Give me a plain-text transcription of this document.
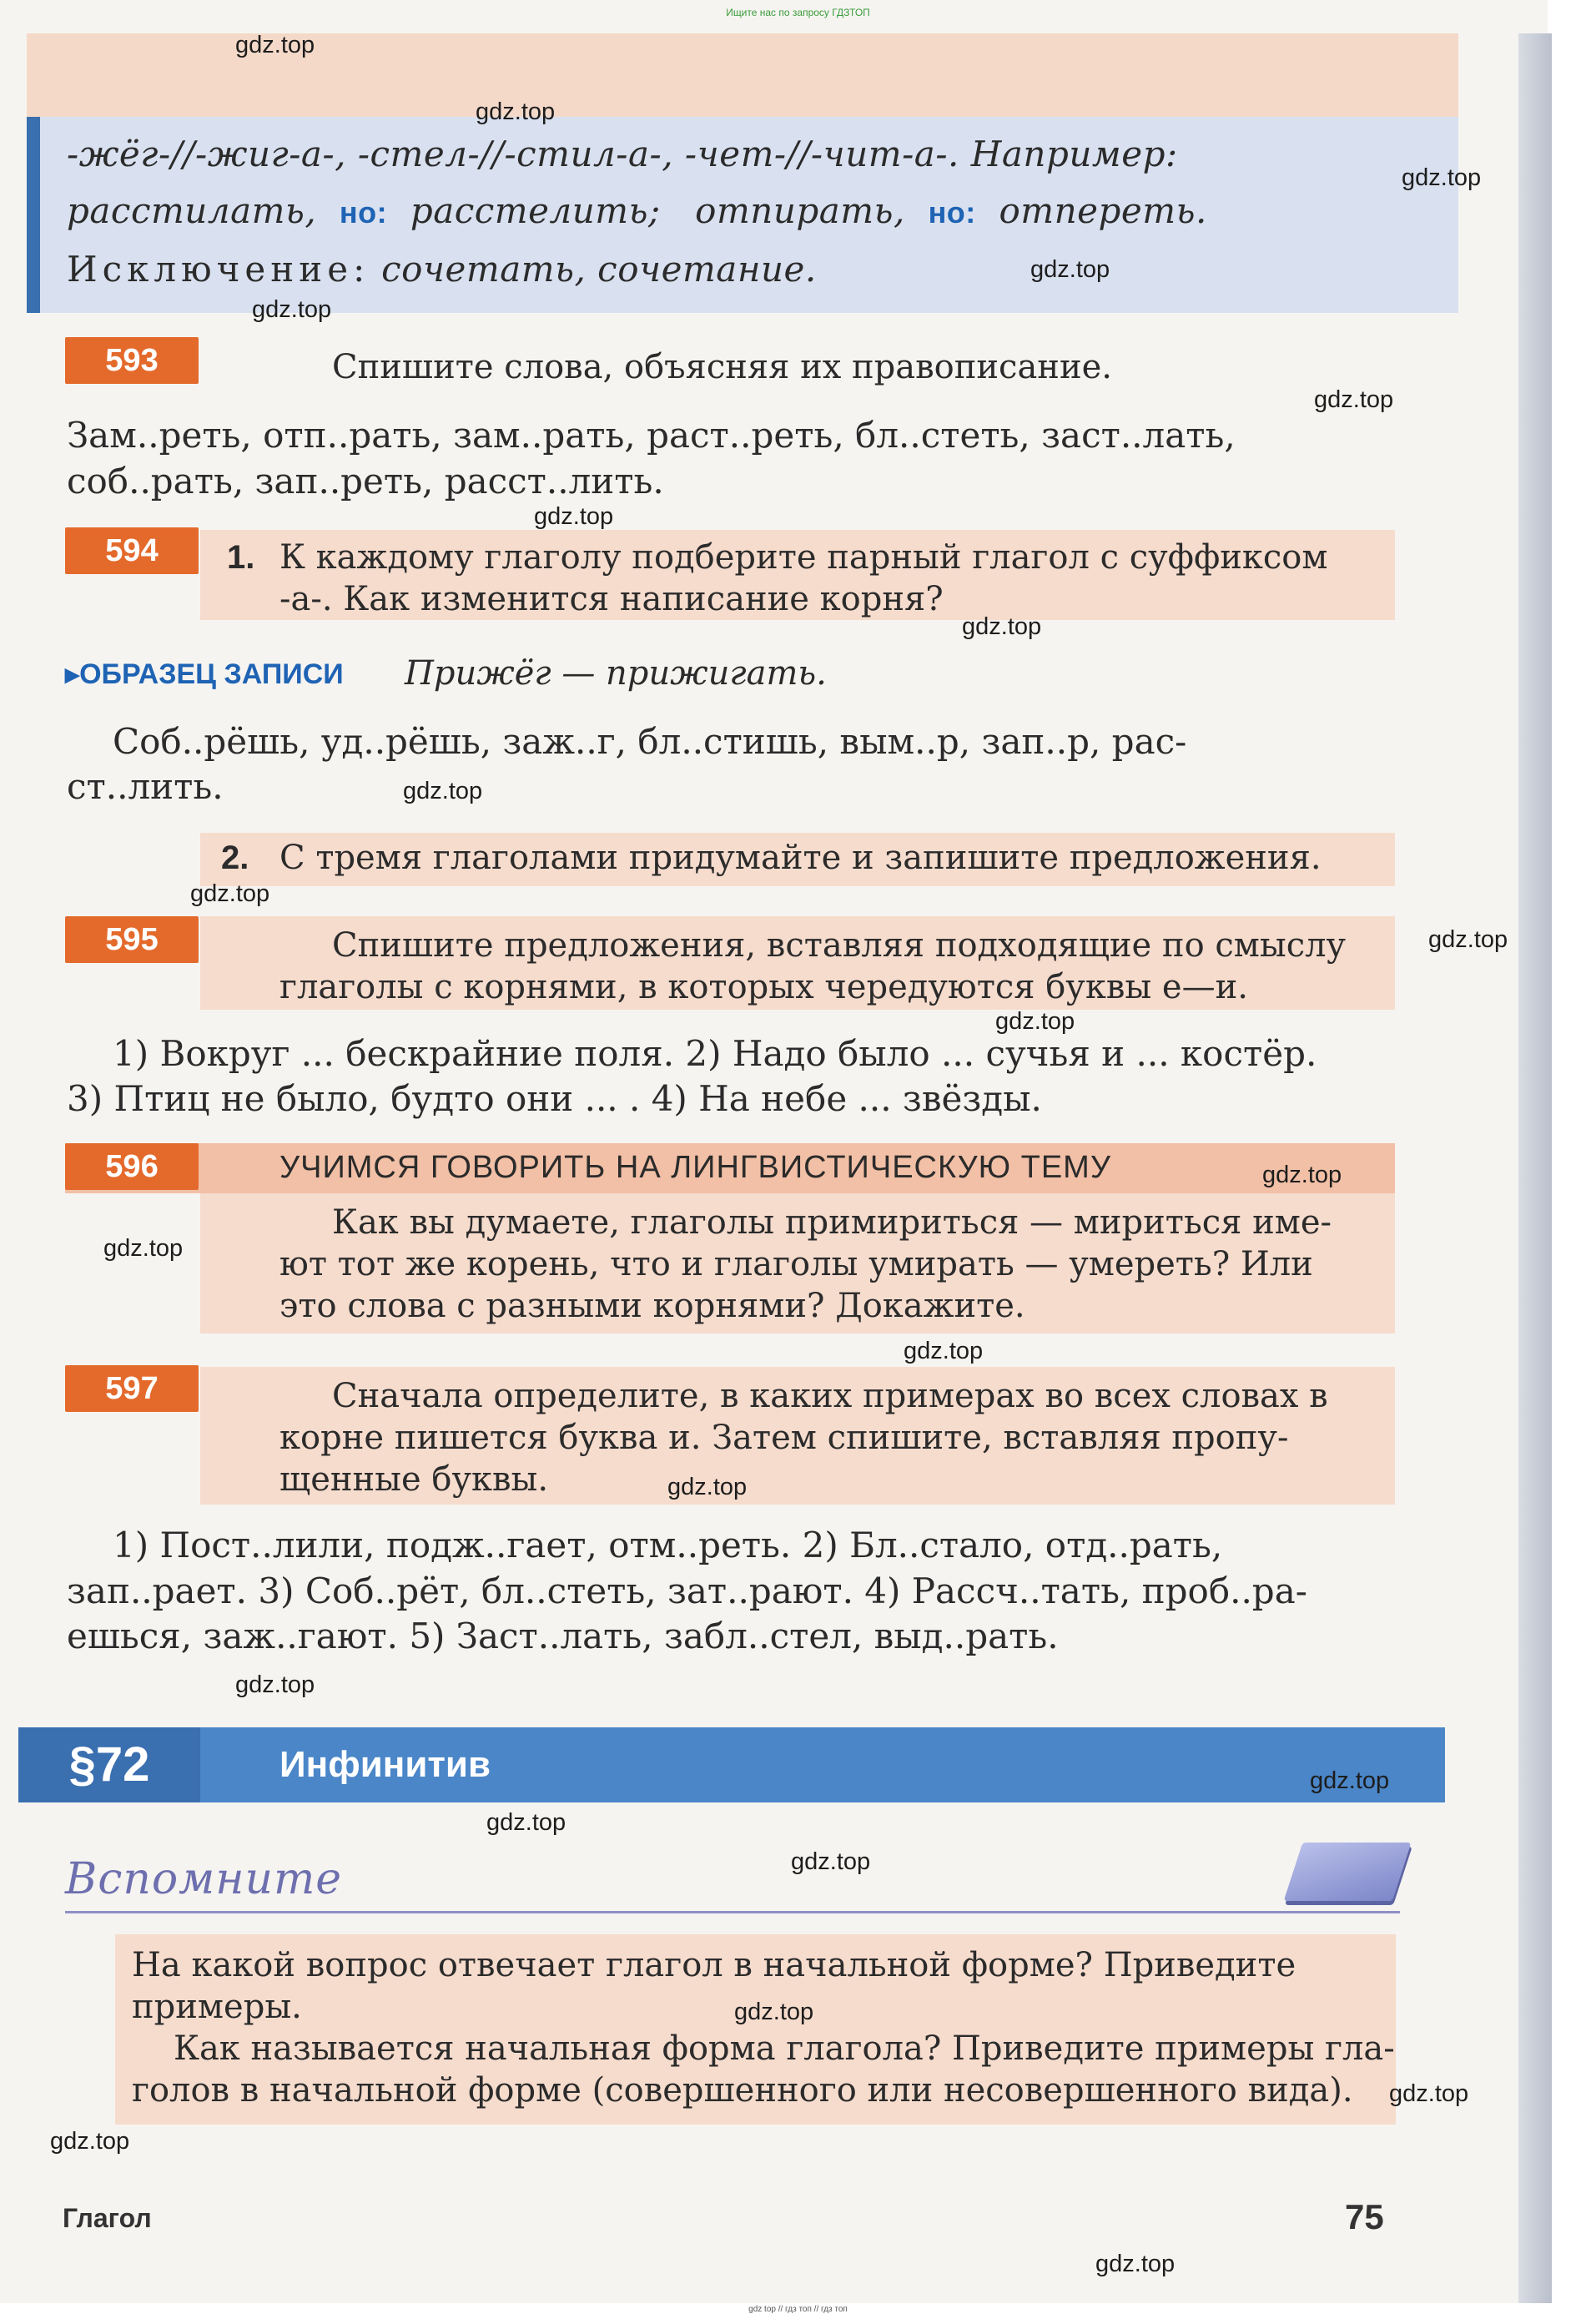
Ищите нас по запросу ГДЗТОП
-жёг-//-жиг-а-, -стел-//-стил-а-, -чет-//-чит-а-. Например:
расстилать, но: расстелить; отпирать, но: отпереть.
Исключение: сочетать, сочетание.
593	Спишите слова, объясняя их правописание.
Зам..реть, отп..рать, зам..рать, раст..реть, бл..стеть, заст..лать,
соб..рать, зап..реть, расст..лить.
594	1. К каждому глаголу подберите парный глагол с суффиксом
-а-. Как изменится написание корня?
▸ОБРАЗЕЦ ЗАПИСИ Прижёг — прижигать.
Соб..рёшь, уд..рёшь, заж..г, бл..стишь, вым..р, зап..р, рас-
ст..лить.
2. С тремя глаголами придумайте и запишите предложения.
595	Спишите предложения, вставляя подходящие по смыслу
глаголы с корнями, в которых чередуются буквы е—и.
1) Вокруг ... бескрайние поля. 2) Надо было ... сучья и ... костёр.
3) Птиц не было, будто они ... . 4) На небе ... звёзды.
596	УЧИМСЯ ГОВОРИТЬ НА ЛИНГВИСТИЧЕСКУЮ ТЕМУ
Как вы думаете, глаголы примириться — мириться име-
ют тот же корень, что и глаголы умирать — умереть? Или
это слова с разными корнями? Докажите.
597	Сначала определите, в каких примерах во всех словах в
корне пишется буква и. Затем спишите, вставляя пропу-
щенные буквы.
1) Пост..лили, подж..гает, отм..реть. 2) Бл..стало, отд..рать,
зап..рает. 3) Соб..рёт, бл..стеть, зат..рают. 4) Рассч..тать, проб..ра-
ешься, заж..гают. 5) Заст..лать, забл..стел, выд..рать.
§72	Инфинитив
Вспомните
На какой вопрос отвечает глагол в начальной форме? Приведите
примеры.
Как называется начальная форма глагола? Приведите примеры гла-
голов в начальной форме (совершенного или несовершенного вида).
Глагол	75
gdz.top
gdz.top
gdz.top
gdz.top
gdz.top
gdz.top
gdz.top
gdz.top
gdz.top
gdz.top
gdz.top
gdz.top
gdz.top
gdz.top
gdz.top
gdz.top
gdz.top
gdz.top
gdz.top
gdz.top
gdz.top
gdz.top
gdz.top
gdz.top
gdz top // гдз топ // гдз топ
